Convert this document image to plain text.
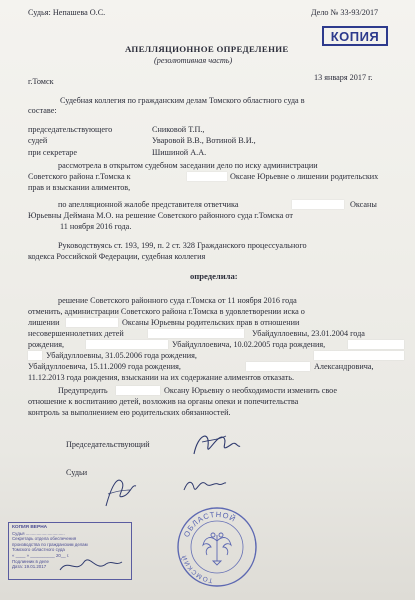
Судья: Непашева О.С.	Дело № 33-93/2017
КОПИЯ
АПЕЛЛЯЦИОННОЕ ОПРЕДЕЛЕНИЕ
(резолютивная часть)
г.Томск	13 января 2017 г.
Судебная коллегия по гражданским делам Томского областного суда в
составе:
председательствующего	Сниковой Т.П.,
судей	Уваровой В.В., Вотиной В.И.,
при секретаре	Шишиной А.А.
рассмотрела в открытом судебном заседании дело по иску администрации
Советского района г.Томска к	Оксане Юрьевне о лишении родительских
прав и взыскании алиментов,
по апелляционной жалобе представителя ответчика	Оксаны
Юрьевны Деймана М.О. на решение Советского районного суда г.Томска от
11 ноября 2016 года.
Руководствуясь ст. 193, 199, п. 2 ст. 328 Гражданского процессуального
кодекса Российской Федерации, судебная коллегия
определила:
решение Советского районного суда г.Томска от 11 ноября 2016 года
отменить, администрации Советского района г.Томска в удовлетворении иска о
лишении	Оксаны Юрьевны родительских прав в отношении
несовершеннолетних детей	Убайдуллоевны, 23.01.2004 года
рождения,	Убайдуллоевича, 10.02.2005 года рождения,
Убайдуллоевны, 31.05.2006 года рождения,
Убайдуллоевича, 15.11.2009 года рождения,	Александровича,
11.12.2013 года рождения, взыскании на их содержание алиментов отказать.
Предупредить	Оксану Юрьевну о необходимости изменить свое
отношение к воспитанию детей, возложив на органы опеки и попечительства
контроль за выполнением ею родительских обязанностей.
Председательствующий
Судьи
КОПИЯ ВЕРНА
Судья ................................
Секретарь отдела обеспечения
производства по гражданским делам
Томского областного суда
« ____ » __________ 20__ г.
Подлинник в деле
Дата: 19.01.2017
ОБЛАСТНОЙ
ТОМСКИЙ
